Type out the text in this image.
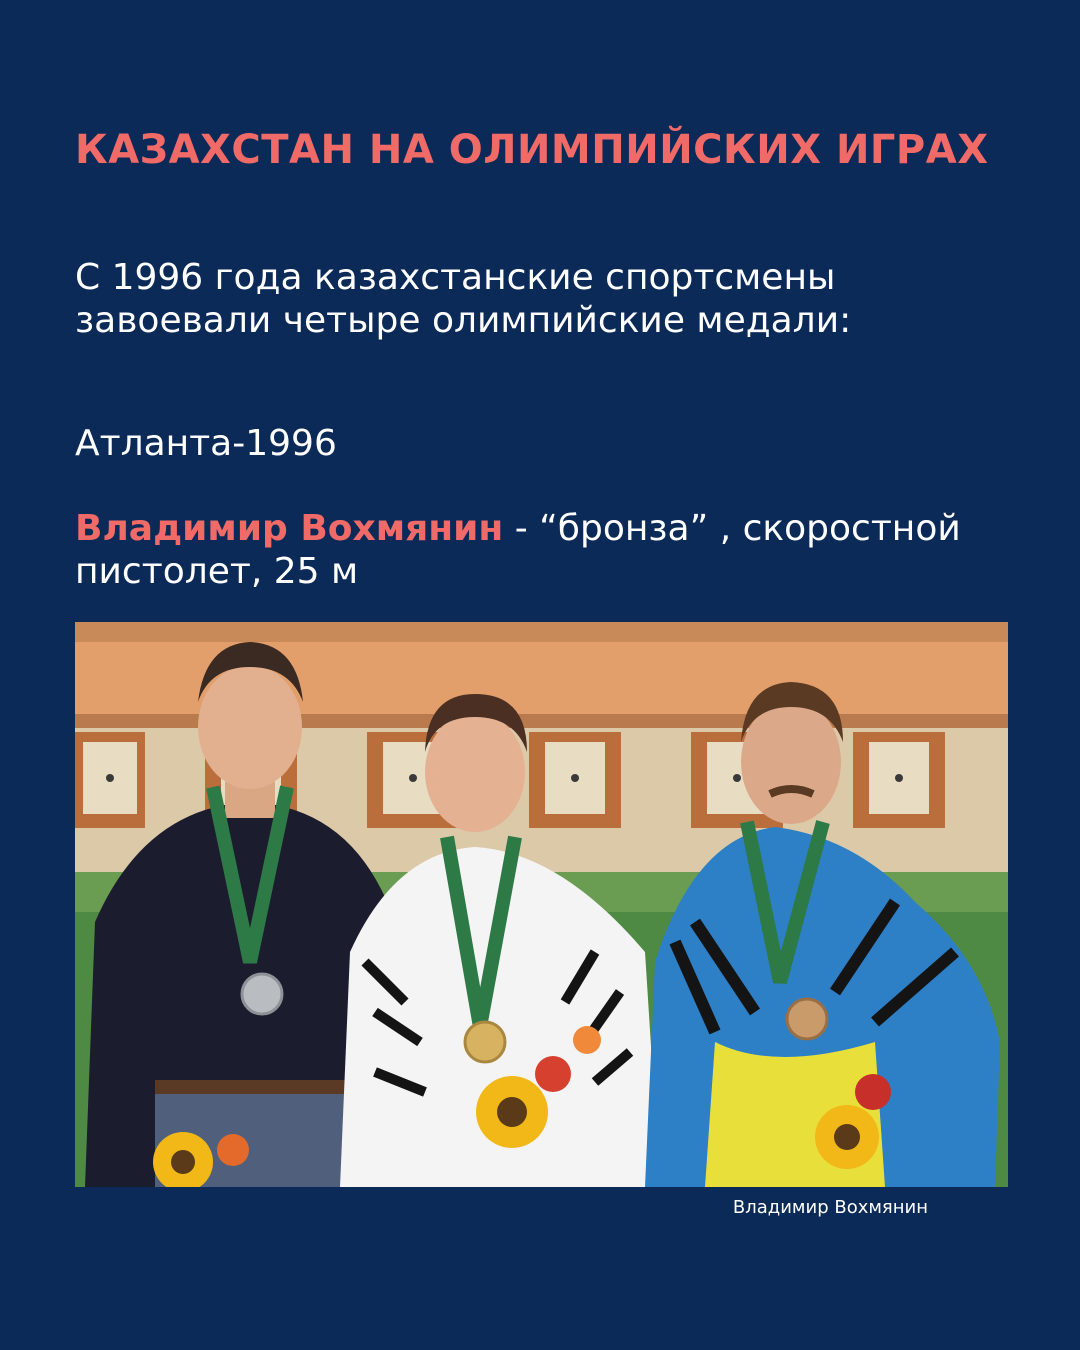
КАЗАХСТАН НА ОЛИМПИЙСКИХ ИГРАХ

С 1996 года казахстанские спортсмены завоевали четыре олимпийские медали:

Атланта-1996

Владимир Вохмянин - “бронза” , скоростной пистолет, 25 м

Владимир Вохмянин
